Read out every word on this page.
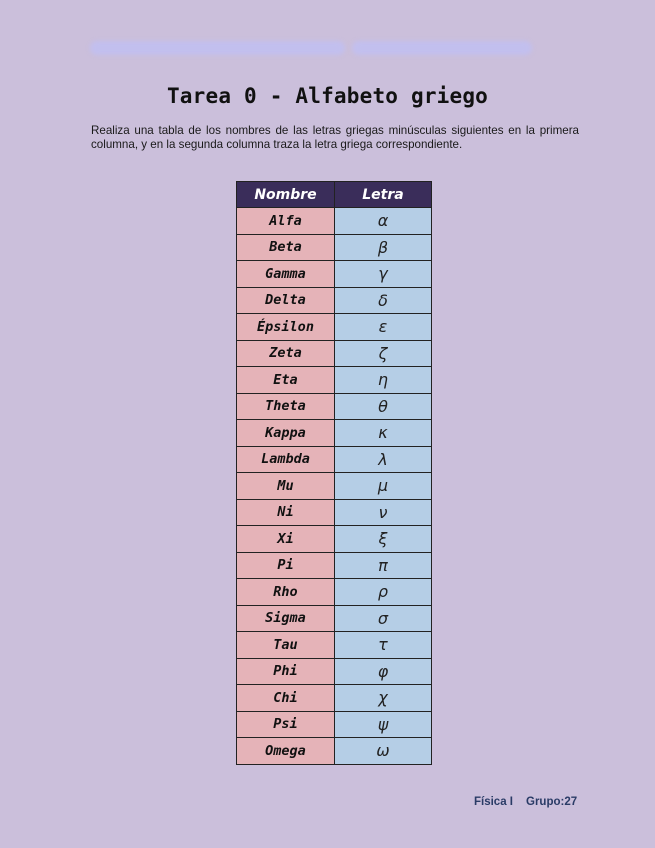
Tarea 0 - Alfabeto griego
Realiza una tabla de los nombres de las letras griegas minúsculas siguientes en la primera columna, y en la segunda columna traza la letra griega correspondiente.
Nombre	Letra
Alfa	α
Beta	β
Gamma	γ
Delta	δ
Épsilon	ε
Zeta	ζ
Eta	η
Theta	θ
Kappa	κ
Lambda	λ
Mu	μ
Ni	ν
Xi	ξ
Pi	π
Rho	ρ
Sigma	σ
Tau	τ
Phi	φ
Chi	χ
Psi	ψ
Omega	ω
Física I Grupo:27
